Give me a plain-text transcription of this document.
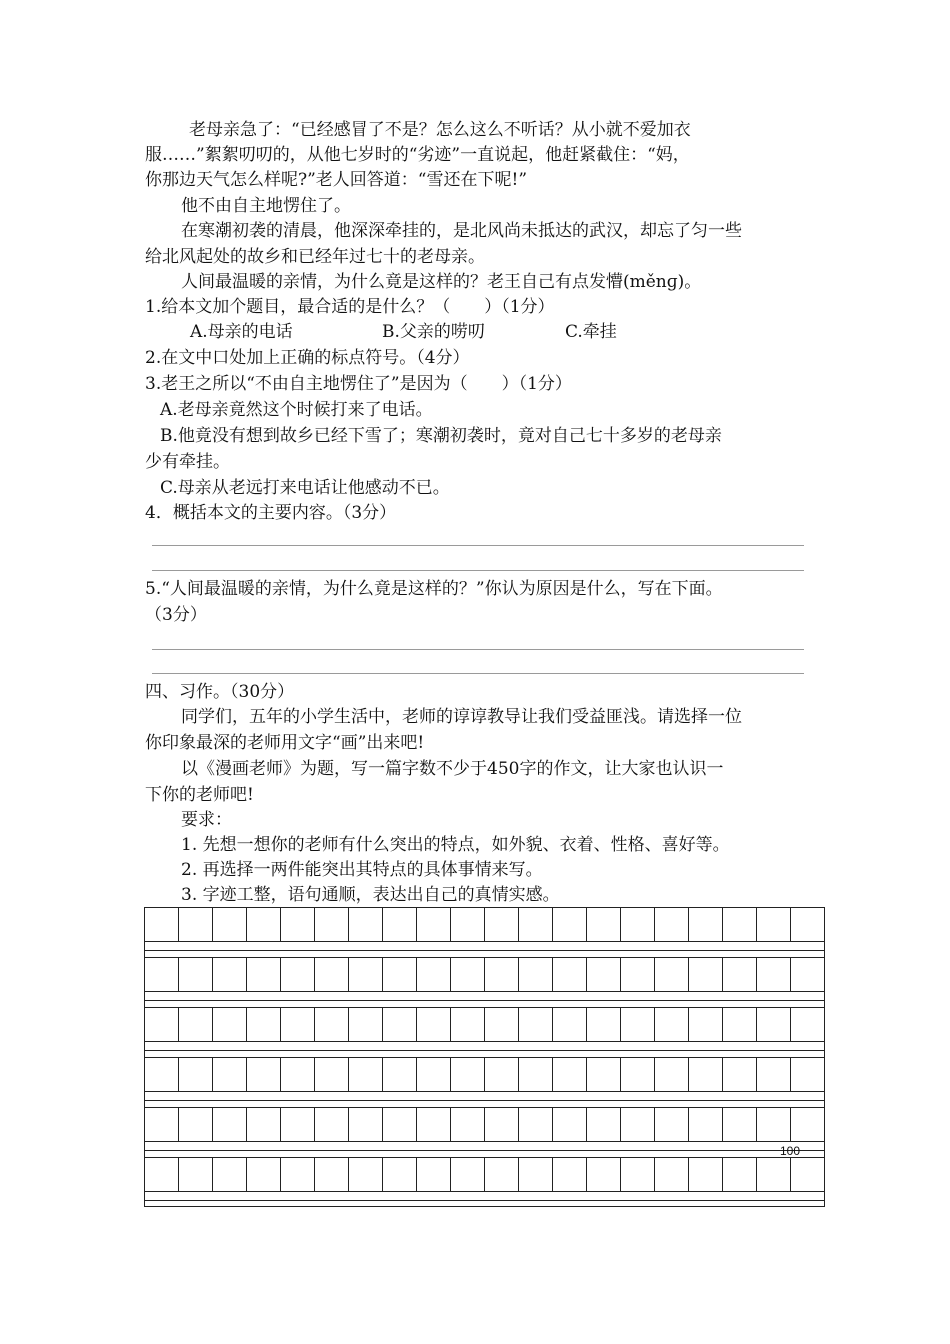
老母亲急了：“已经感冒了不是？怎么这么不听话？从小就不爱加衣
服……”絮絮叨叨的，从他七岁时的“劣迹”一直说起，他赶紧截住：“妈，
你那边天气怎么样呢?”老人回答道：“雪还在下呢!”
他不由自主地愣住了。
在寒潮初袭的清晨，他深深牵挂的，是北风尚未抵达的武汉，却忘了匀一些
给北风起处的故乡和已经年过七十的老母亲。
人间最温暖的亲情，为什么竟是这样的？老王自己有点发懵(měnɡ)。
1.给本文加个题目，最合适的是什么？（　　）（1分）
A.母亲的电话	B.父亲的唠叨	C.牵挂
2.在文中口处加上正确的标点符号。（4分）
3.老王之所以“不由自主地愣住了”是因为（　　）（1分）
A.老母亲竟然这个时候打来了电话。
B.他竟没有想到故乡已经下雪了；寒潮初袭时，竟对自己七十多岁的老母亲
少有牵挂。
C.母亲从老远打来电话让他感动不已。
4．概括本文的主要内容。（3分）
5.“人间最温暖的亲情，为什么竟是这样的？”你认为原因是什么，写在下面。
（3分）
四、习作。（30分）
同学们，五年的小学生活中，老师的谆谆教导让我们受益匪浅。请选择一位
你印象最深的老师用文字“画”出来吧!
以《漫画老师》为题，写一篇字数不少于450字的作文，让大家也认识一
下你的老师吧!
要求：
1. 先想一想你的老师有什么突出的特点，如外貌、衣着、性格、喜好等。
2. 再选择一两件能突出其特点的具体事情来写。
3. 字迹工整，语句通顺，表达出自己的真情实感。
100
